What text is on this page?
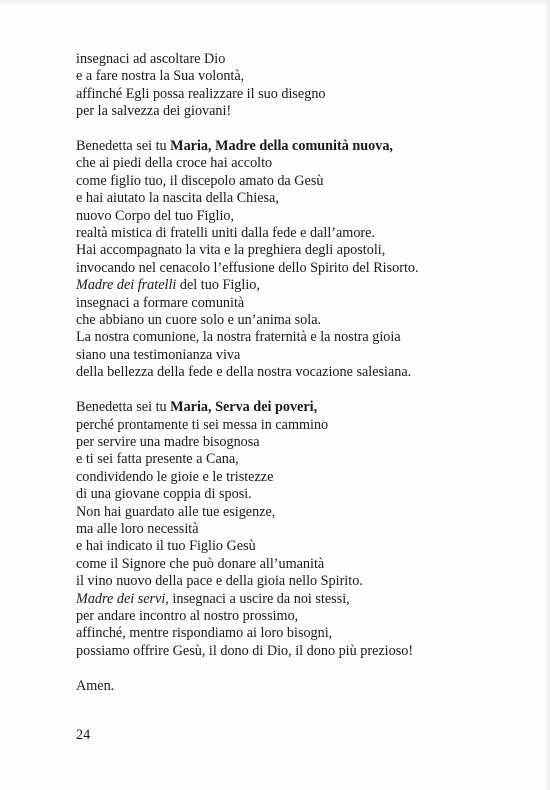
insegnaci ad ascoltare Dio
e a fare nostra la Sua volontà,
affinché Egli possa realizzare il suo disegno
per la salvezza dei giovani!
Benedetta sei tu Maria, Madre della comunità nuova,
che ai piedi della croce hai accolto
come figlio tuo, il discepolo amato da Gesù
e hai aiutato la nascita della Chiesa,
nuovo Corpo del tuo Figlio,
realtà mistica di fratelli uniti dalla fede e dall’amore.
Hai accompagnato la vita e la preghiera degli apostoli,
invocando nel cenacolo l’effusione dello Spirito del Risorto.
Madre dei fratelli del tuo Figlio,
insegnaci a formare comunità
che abbiano un cuore solo e un’anima sola.
La nostra comunione, la nostra fraternità e la nostra gioia
siano una testimonianza viva
della bellezza della fede e della nostra vocazione salesiana.
Benedetta sei tu Maria, Serva dei poveri,
perché prontamente ti sei messa in cammino
per servire una madre bisognosa
e ti sei fatta presente a Cana,
condividendo le gioie e le tristezze
di una giovane coppia di sposi.
Non hai guardato alle tue esigenze,
ma alle loro necessità
e hai indicato il tuo Figlio Gesù
come il Signore che può donare all’umanità
il vino nuovo della pace e della gioia nello Spirito.
Madre dei servi, insegnaci a uscire da noi stessi,
per andare incontro al nostro prossimo,
affinché, mentre rispondiamo ai loro bisogni,
possiamo offrire Gesù, il dono di Dio, il dono più prezioso!
Amen.
24
